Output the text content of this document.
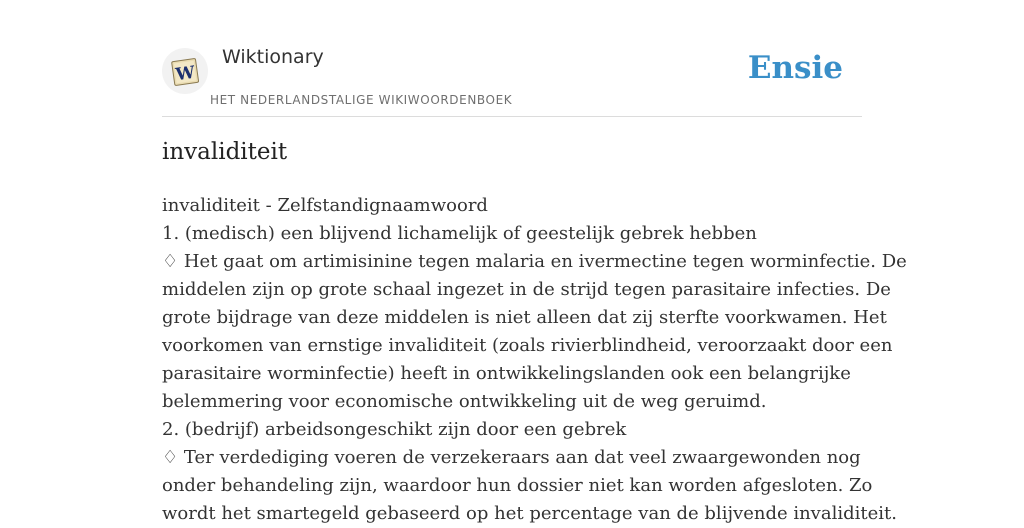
W
Wiktionary
HET NEDERLANDSTALIGE WIKIWOORDENBOEK
Ensie
invaliditeit
invaliditeit - Zelfstandignaamwoord
1. (medisch) een blijvend lichamelijk of geestelijk gebrek hebben
♢ Het gaat om artimisinine tegen malaria en ivermectine tegen worminfectie. De
middelen zijn op grote schaal ingezet in de strijd tegen parasitaire infecties. De
grote bijdrage van deze middelen is niet alleen dat zij sterfte voorkwamen. Het
voorkomen van ernstige invaliditeit (zoals rivierblindheid, veroorzaakt door een
parasitaire worminfectie) heeft in ontwikkelingslanden ook een belangrijke
belemmering voor economische ontwikkeling uit de weg geruimd.
2. (bedrijf) arbeidsongeschikt zijn door een gebrek
♢ Ter verdediging voeren de verzekeraars aan dat veel zwaargewonden nog
onder behandeling zijn, waardoor hun dossier niet kan worden afgesloten. Zo
wordt het smartegeld gebaseerd op het percentage van de blijvende invaliditeit.
